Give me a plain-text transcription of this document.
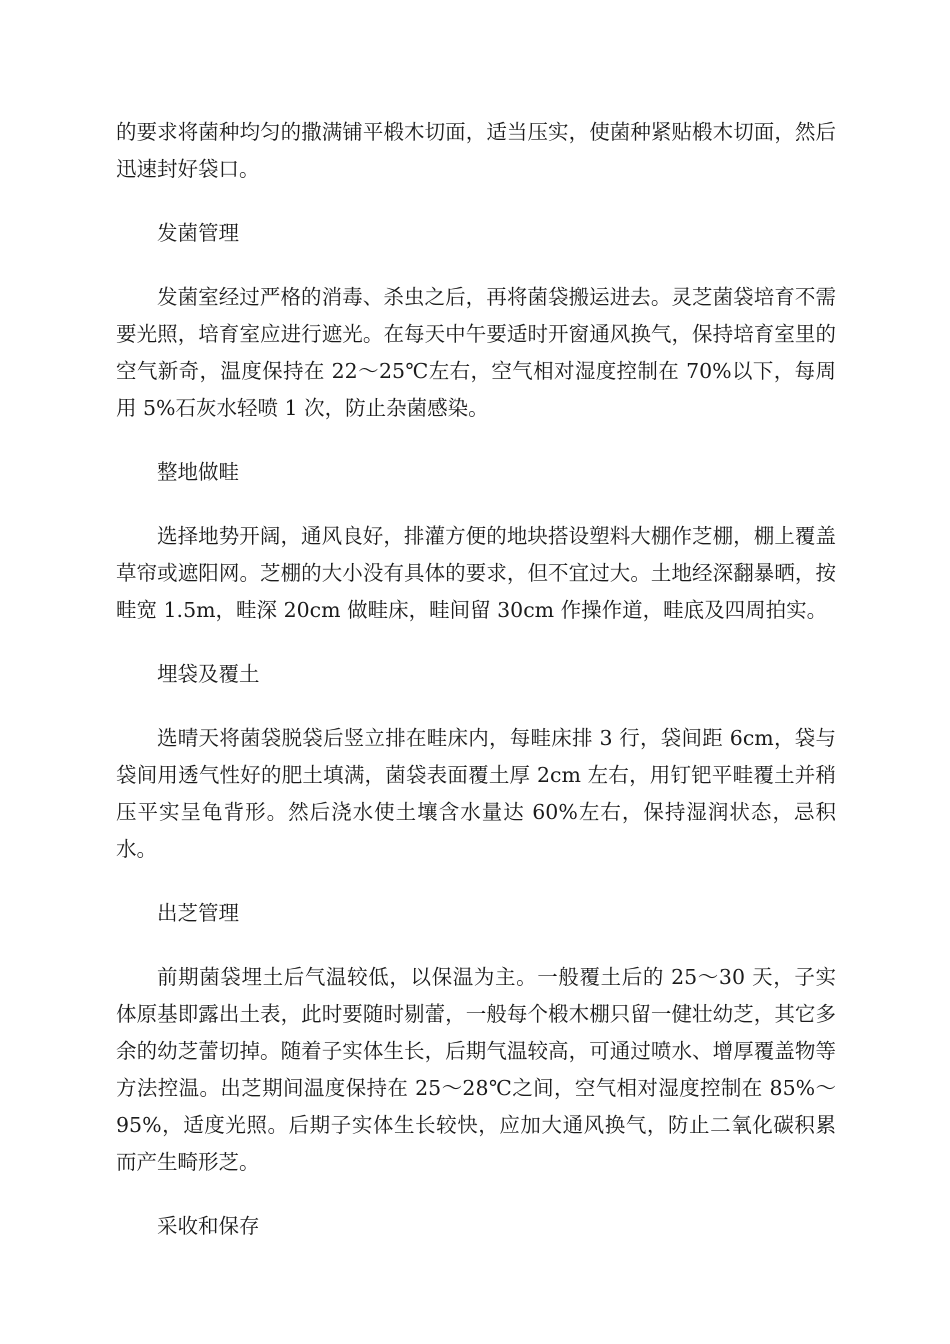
的要求将菌种均匀的撒满铺平椴木切面，适当压实，使菌种紧贴椴木切面，然后迅速封好袋口。

发菌管理

发菌室经过严格的消毒、杀虫之后，再将菌袋搬运进去。灵芝菌袋培育不需要光照，培育室应进行遮光。在每天中午要适时开窗通风换气，保持培育室里的空气新奇，温度保持在 22～25℃左右，空气相对湿度控制在 70%以下，每周用 5%石灰水轻喷 1 次，防止杂菌感染。

整地做畦

选择地势开阔，通风良好，排灌方便的地块搭设塑料大棚作芝棚，棚上覆盖草帘或遮阳网。芝棚的大小没有具体的要求，但不宜过大。土地经深翻暴晒，按畦宽 1.5m，畦深 20cm 做畦床，畦间留 30cm 作操作道，畦底及四周拍实。

埋袋及覆土

选晴天将菌袋脱袋后竖立排在畦床内，每畦床排 3 行，袋间距 6cm，袋与袋间用透气性好的肥土填满，菌袋表面覆土厚 2cm 左右，用钉钯平畦覆土并稍压平实呈龟背形。然后浇水使土壤含水量达 60%左右，保持湿润状态，忌积水。

出芝管理

前期菌袋埋土后气温较低，以保温为主。一般覆土后的 25～30 天，子实体原基即露出土表，此时要随时剔蕾，一般每个椴木棚只留一健壮幼芝，其它多余的幼芝蕾切掉。随着子实体生长，后期气温较高，可通过喷水、增厚覆盖物等方法控温。出芝期间温度保持在 25～28℃之间，空气相对湿度控制在 85%～95%，适度光照。后期子实体生长较快，应加大通风换气，防止二氧化碳积累而产生畸形芝。

采收和保存
